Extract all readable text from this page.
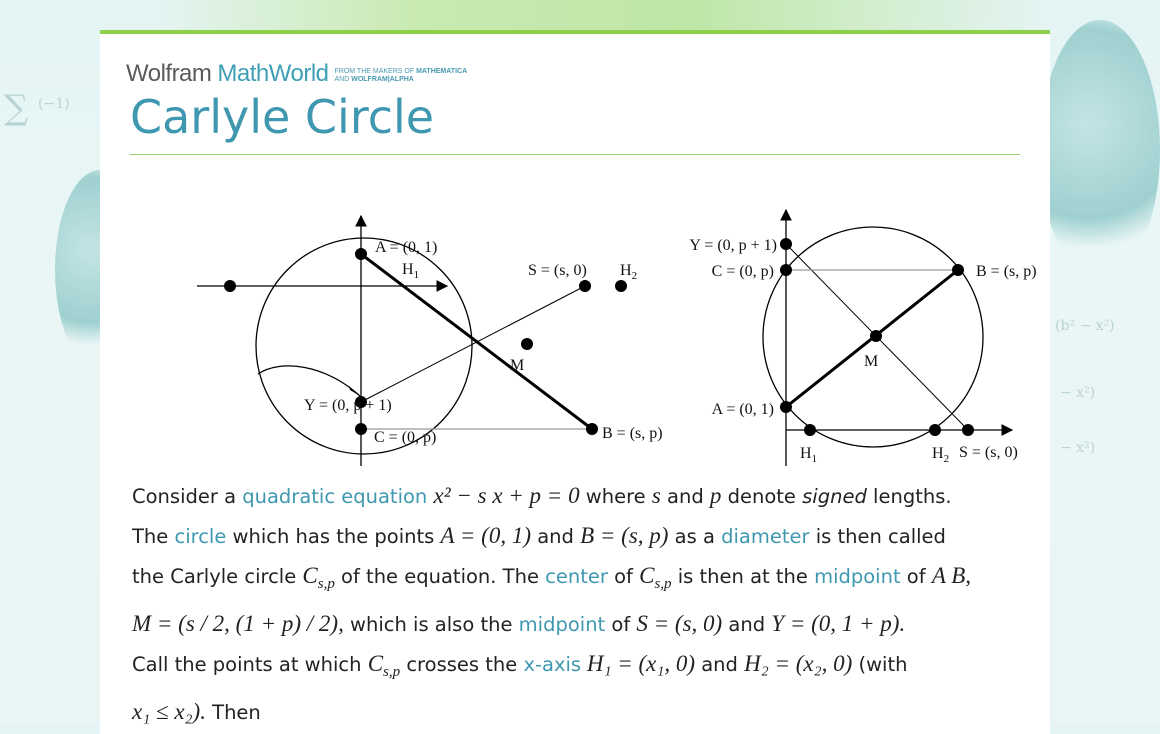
∑ (−1)
(b² − x²)
− x²)
− x²)
Wolfram MathWorld FROM THE MAKERS OF MATHEMATICA
AND WOLFRAM|ALPHA
Carlyle Circle
A = (0, 1)
$H_1$	S = (s, 0) $H_2$
M
Y = (0, p + 1)
C = (0, p)	B = (s, p)
Y = (0, p + 1)
C = (0, p)	B = (s, p)
M
A = (0, 1)
$H_1$	$H_2$ S = (s, 0)

Consider a quadratic equation x² − s x + p = 0 where s and p denote signed lengths.

The circle which has the points A = (0, 1) and B = (s, p) as a diameter is then called

the Carlyle circle $C_{s,p}$ of the equation. The center of $C_{s,p}$ is then at the midpoint of A B,

M = (s / 2, (1 + p) / 2), which is also the midpoint of S = (s, 0) and Y = (0, 1 + p).

Call the points at which $C_{s,p}$ crosses the x-axis H₁ = (x₁, 0) and H₂ = (x₂, 0) (with

x₁ ≤ x₂). Then
